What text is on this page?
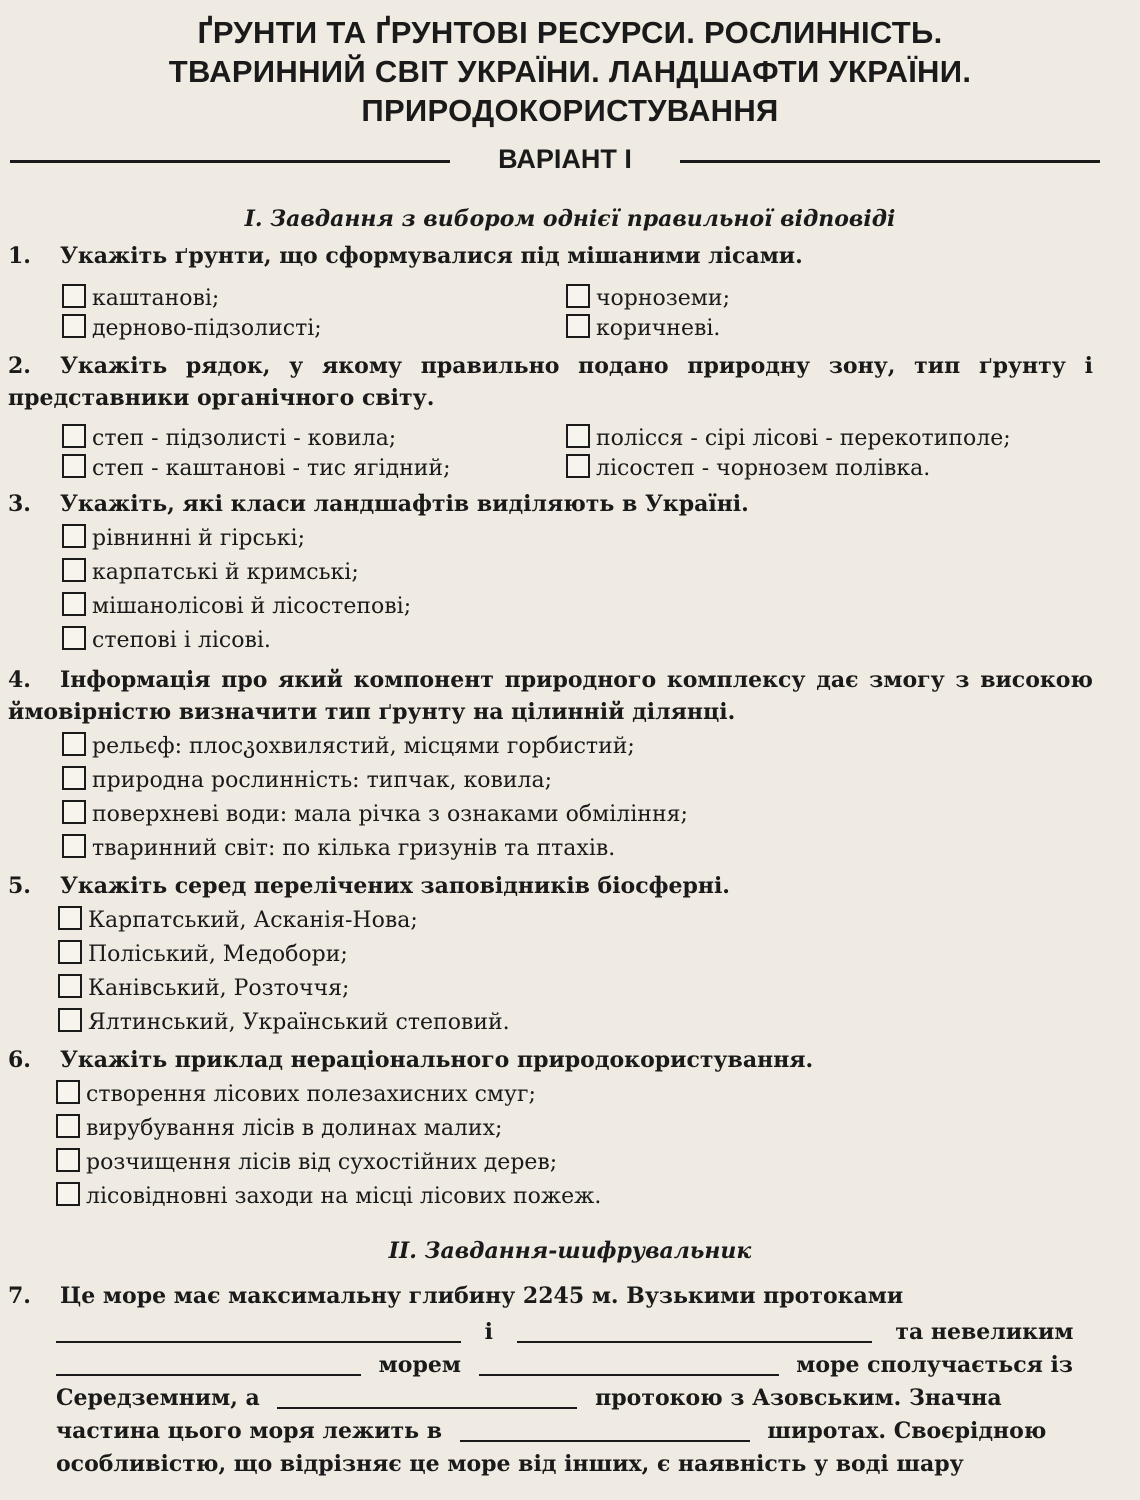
ҐРУНТИ ТА ҐРУНТОВІ РЕСУРСИ. РОСЛИННІСТЬ.
ТВАРИННИЙ СВІТ УКРАЇНИ. ЛАНДШАФТИ УКРАЇНИ.
ПРИРОДОКОРИСТУВАННЯ
ВАРІАНТ І
І. Завдання з вибором однієї правильної відповіді
1. Укажіть ґрунти, що сформувалися під мішаними лісами.
каштанові;	чорноземи;
дерново-підзолисті;	коричневі.
2. Укажіть рядок, у якому правильно подано природну зону, тип ґрунту і представники органічного світу.
степ - підзолисті - ковила;	полісся - сірі лісові - перекотиполе;
степ - каштанові - тис ягідний;	лісостеп - чорнозем полівка.
3. Укажіть, які класи ландшафтів виділяють в Україні.
рівнинні й гірські;
карпатські й кримські;
мішанолісові й лісостепові;
степові і лісові.
4. Інформація про який компонент природного комплексу дає змогу з високою ймовірністю визначити тип ґрунту на цілинній ділянці.
рельєф: плосკохвилястий, місцями горбистий;
природна рослинність: типчак, ковила;
поверхневі води: мала річка з ознаками обміління;
тваринний світ: по кілька гризунів та птахів.
5. Укажіть серед перелічених заповідників біосферні.
Карпатський, Асканія-Нова;
Поліський, Медобори;
Канівський, Розточчя;
Ялтинський, Український степовий.
6. Укажіть приклад нераціонального природокористування.
створення лісових полезахисних смуг;
вирубування лісів в долинах малих;
розчищення лісів від сухостійних дерев;
лісовідновні заходи на місці лісових пожеж.
ІІ. Завдання-шифрувальник
7. Це море має максимальну глибину 2245 м. Вузькими протоками
і	та невеликим
морем	море сполучається із
Середземним, а	протокою з Азовським. Значна
частина цього моря лежить в	широтах. Своєрідною
особливістю, що відрізняє це море від інших, є наявність у воді шару
